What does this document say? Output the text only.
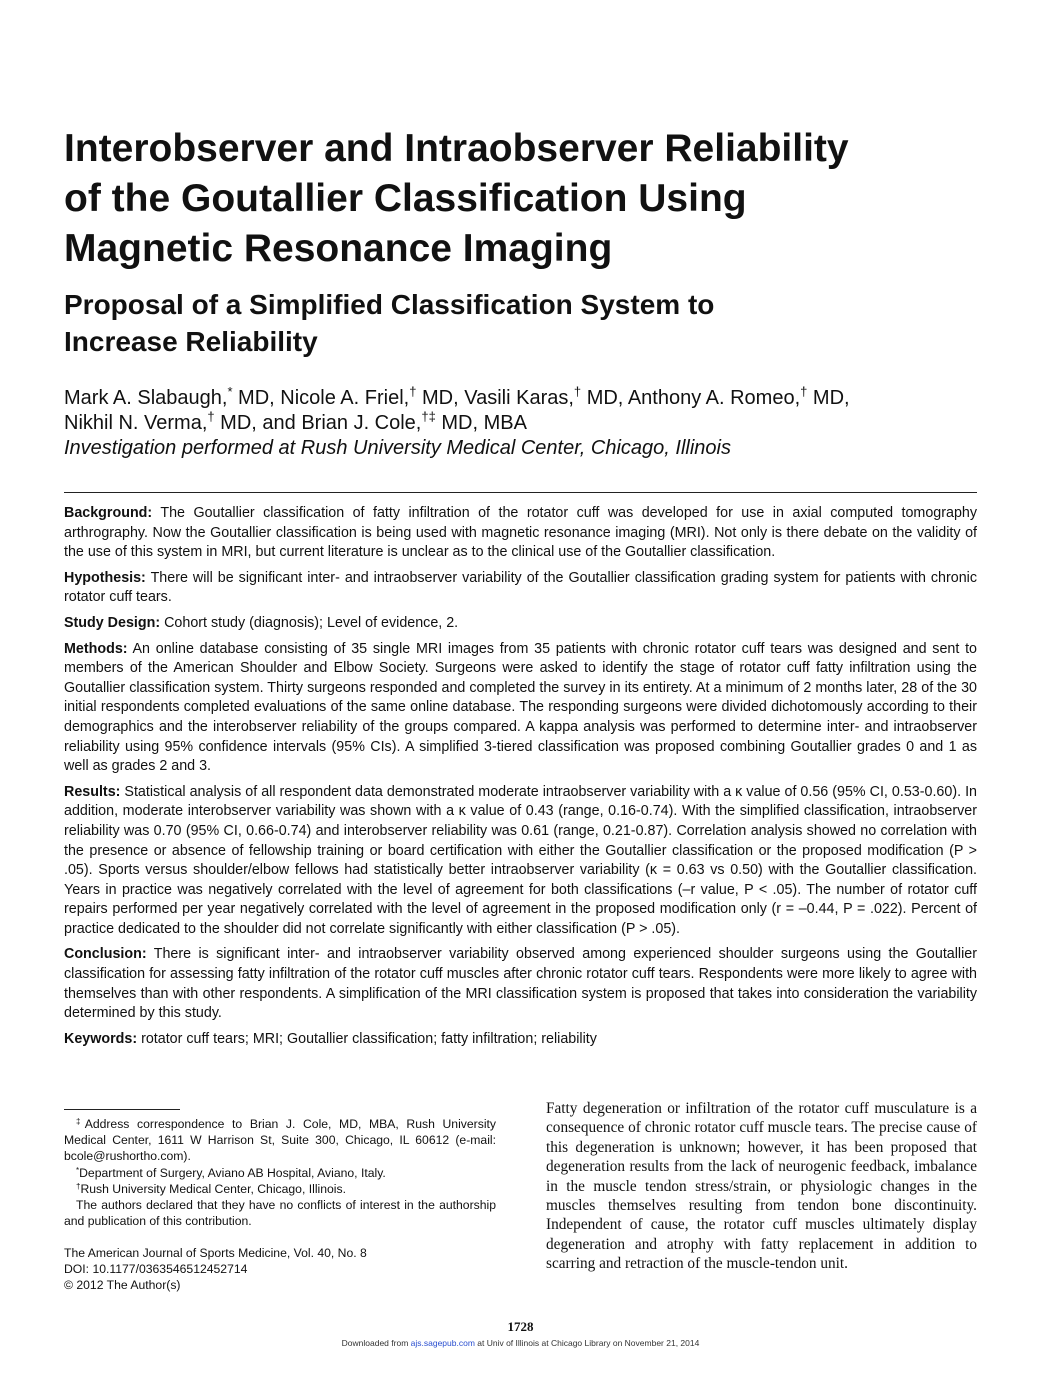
Interobserver and Intraobserver Reliability
of the Goutallier Classification Using
Magnetic Resonance Imaging
Proposal of a Simplified Classification System to
Increase Reliability
Mark A. Slabaugh,* MD, Nicole A. Friel,† MD, Vasili Karas,† MD, Anthony A. Romeo,† MD,
Nikhil N. Verma,† MD, and Brian J. Cole,†‡ MD, MBA
Investigation performed at Rush University Medical Center, Chicago, Illinois

Background: The Goutallier classification of fatty infiltration of the rotator cuff was developed for use in axial computed tomography arthrography. Now the Goutallier classification is being used with magnetic resonance imaging (MRI). Not only is there debate on the validity of the use of this system in MRI, but current literature is unclear as to the clinical use of the Goutallier classification.

Hypothesis: There will be significant inter- and intraobserver variability of the Goutallier classification grading system for patients with chronic rotator cuff tears.

Study Design: Cohort study (diagnosis); Level of evidence, 2.

Methods: An online database consisting of 35 single MRI images from 35 patients with chronic rotator cuff tears was designed and sent to members of the American Shoulder and Elbow Society. Surgeons were asked to identify the stage of rotator cuff fatty infiltration using the Goutallier classification system. Thirty surgeons responded and completed the survey in its entirety. At a minimum of 2 months later, 28 of the 30 initial respondents completed evaluations of the same online database. The responding surgeons were divided dichotomously according to their demographics and the interobserver reliability of the groups compared. A kappa analysis was performed to determine inter- and intraobserver reliability using 95% confidence intervals (95% CIs). A simplified 3-tiered classification was proposed combining Goutallier grades 0 and 1 as well as grades 2 and 3.

Results: Statistical analysis of all respondent data demonstrated moderate intraobserver variability with a κ value of 0.56 (95% CI, 0.53-0.60). In addition, moderate interobserver variability was shown with a κ value of 0.43 (range, 0.16-0.74). With the simplified classification, intraobserver reliability was 0.70 (95% CI, 0.66-0.74) and interobserver reliability was 0.61 (range, 0.21-0.87). Correlation analysis showed no correlation with the presence or absence of fellowship training or board certification with either the Goutallier classification or the proposed modification (P > .05). Sports versus shoulder/elbow fellows had statistically better intraobserver variability (κ = 0.63 vs 0.50) with the Goutallier classification. Years in practice was negatively correlated with the level of agreement for both classifications (–r value, P < .05). The number of rotator cuff repairs performed per year negatively correlated with the level of agreement in the proposed modification only (r = –0.44, P = .022). Percent of practice dedicated to the shoulder did not correlate significantly with either classification (P > .05).

Conclusion: There is significant inter- and intraobserver variability observed among experienced shoulder surgeons using the Goutallier classification for assessing fatty infiltration of the rotator cuff muscles after chronic rotator cuff tears. Respondents were more likely to agree with themselves than with other respondents. A simplification of the MRI classification system is proposed that takes into consideration the variability determined by this study.

Keywords: rotator cuff tears; MRI; Goutallier classification; fatty infiltration; reliability

‡Address correspondence to Brian J. Cole, MD, MBA, Rush University Medical Center, 1611 W Harrison St, Suite 300, Chicago, IL 60612 (e-mail: bcole@rushortho.com).

*Department of Surgery, Aviano AB Hospital, Aviano, Italy.

†Rush University Medical Center, Chicago, Illinois.

The authors declared that they have no conflicts of interest in the authorship and publication of this contribution.

The American Journal of Sports Medicine, Vol. 40, No. 8
DOI: 10.1177/0363546512452714
© 2012 The Author(s)
Fatty degeneration or infiltration of the rotator cuff musculature is a consequence of chronic rotator cuff muscle tears. The precise cause of this degeneration is unknown; however, it has been proposed that degeneration results from the lack of neurogenic feedback, imbalance in the muscle tendon stress/strain, or physiologic changes in the muscles themselves resulting from tendon bone discontinuity. Independent of cause, the rotator cuff muscles ultimately display degeneration and atrophy with fatty replacement in addition to scarring and retraction of the muscle-tendon unit.
1728
Downloaded from ajs.sagepub.com at Univ of Illinois at Chicago Library on November 21, 2014
